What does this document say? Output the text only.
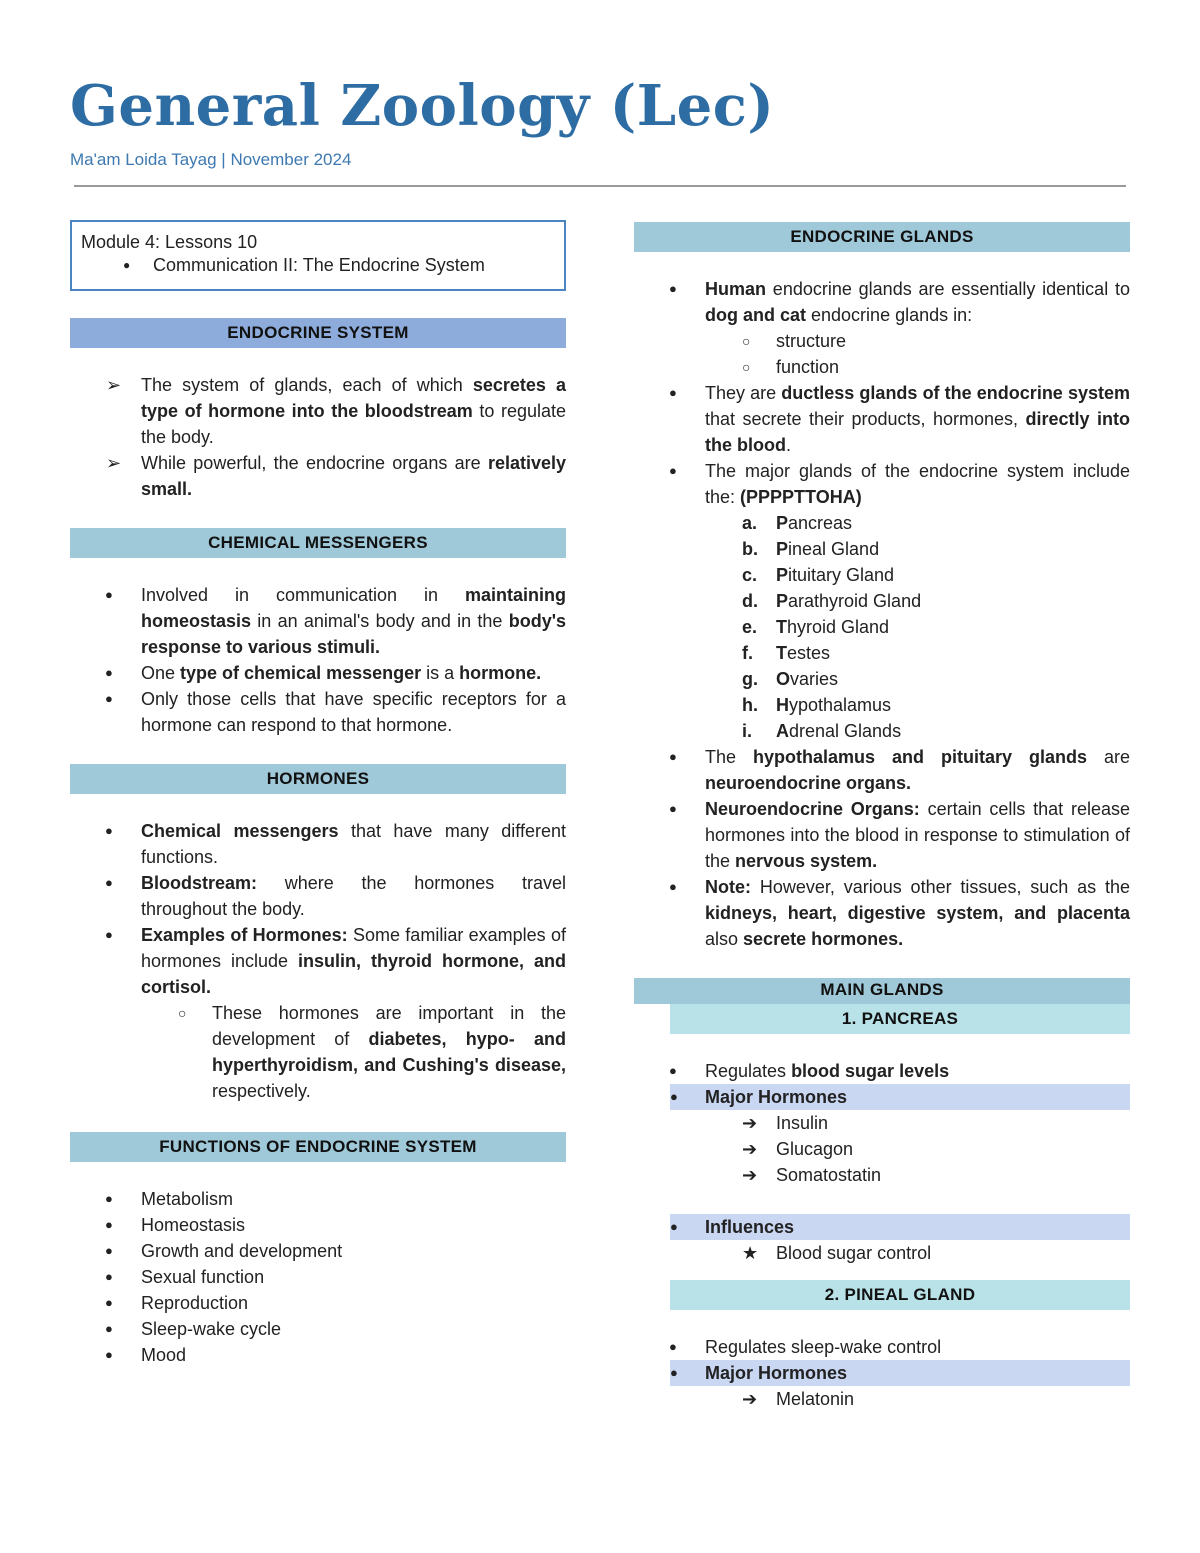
General Zoology (Lec)
Ma'am Loida Tayag | November 2024
Module 4: Lessons 10
● Communication II: The Endocrine System
ENDOCRINE SYSTEM
➢ The system of glands, each of which secretes a type of hormone into the bloodstream to regulate the body.
➢ While powerful, the endocrine organs are relatively small.
CHEMICAL MESSENGERS
● Involved in communication in maintaining homeostasis in an animal's body and in the body's response to various stimuli.
● One type of chemical messenger is a hormone.
● Only those cells that have specific receptors for a hormone can respond to that hormone.
HORMONES
● Chemical messengers that have many different functions.
● Bloodstream: where the hormones travel throughout the body.
● Examples of Hormones: Some familiar examples of hormones include insulin, thyroid hormone, and cortisol.
○ These hormones are important in the development of diabetes, hypo- and hyperthyroidism, and Cushing's disease, respectively.
FUNCTIONS OF ENDOCRINE SYSTEM
● Metabolism
● Homeostasis
● Growth and development
● Sexual function
● Reproduction
● Sleep-wake cycle
● Mood
ENDOCRINE GLANDS
● Human endocrine glands are essentially identical to dog and cat endocrine glands in:
○ structure
○ function
● They are ductless glands of the endocrine system that secrete their products, hormones, directly into the blood.
● The major glands of the endocrine system include the: (PPPPTTOHA)
a. Pancreas
b. Pineal Gland
c. Pituitary Gland
d. Parathyroid Gland
e. Thyroid Gland
f. Testes
g. Ovaries
h. Hypothalamus
i. Adrenal Glands
● The hypothalamus and pituitary glands are neuroendocrine organs.
● Neuroendocrine Organs: certain cells that release hormones into the blood in response to stimulation of the nervous system.
● Note: However, various other tissues, such as the kidneys, heart, digestive system, and placenta also secrete hormones.
MAIN GLANDS
1. PANCREAS
● Regulates blood sugar levels
● Major Hormones
➔ Insulin
➔ Glucagon
➔ Somatostatin
● Influences
★ Blood sugar control
2. PINEAL GLAND
● Regulates sleep-wake control
● Major Hormones
➔ Melatonin
